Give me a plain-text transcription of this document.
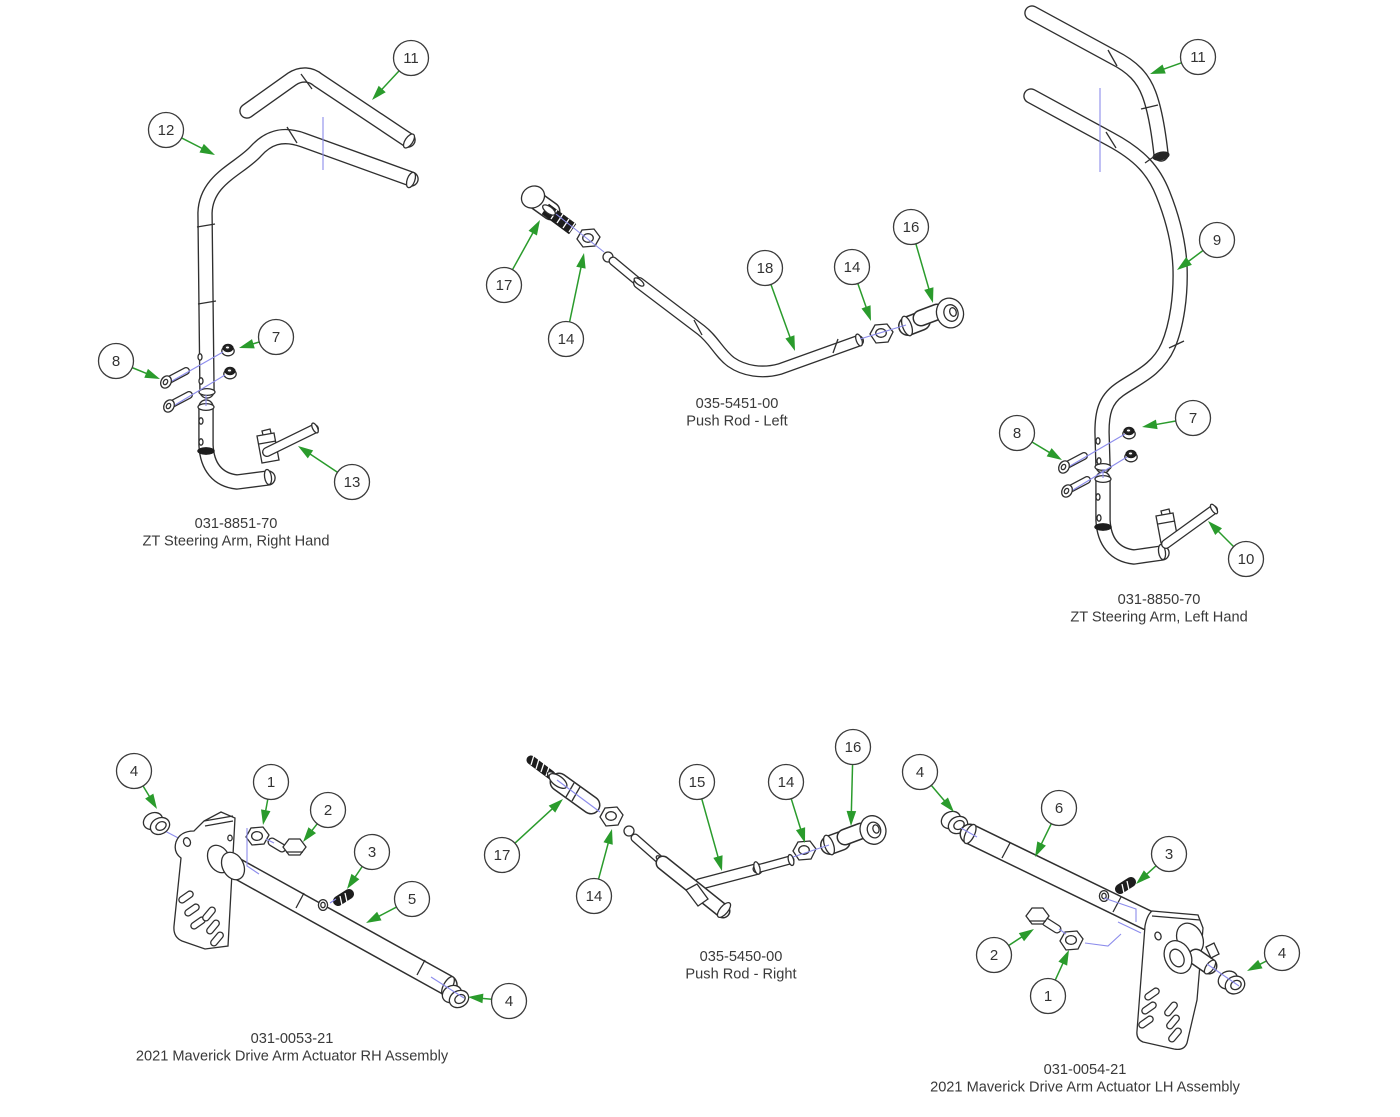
11
12
7
8
13
031-8851-70 ZT Steering Arm, Right Hand
17
14
18	14
16
035-5451-00 Push Rod - Left
11
9
7
8
10
031-8850-70 ZT Steering Arm, Left Hand
4
1
2
3
5
4
031-0053-21 2021 Maverick Drive Arm Actuator RH Assembly
17
14
15	14
16
035-5450-00 Push Rod - Right
4
6
3
2
1
4
031-0054-21 2021 Maverick Drive Arm Actuator LH Assembly
